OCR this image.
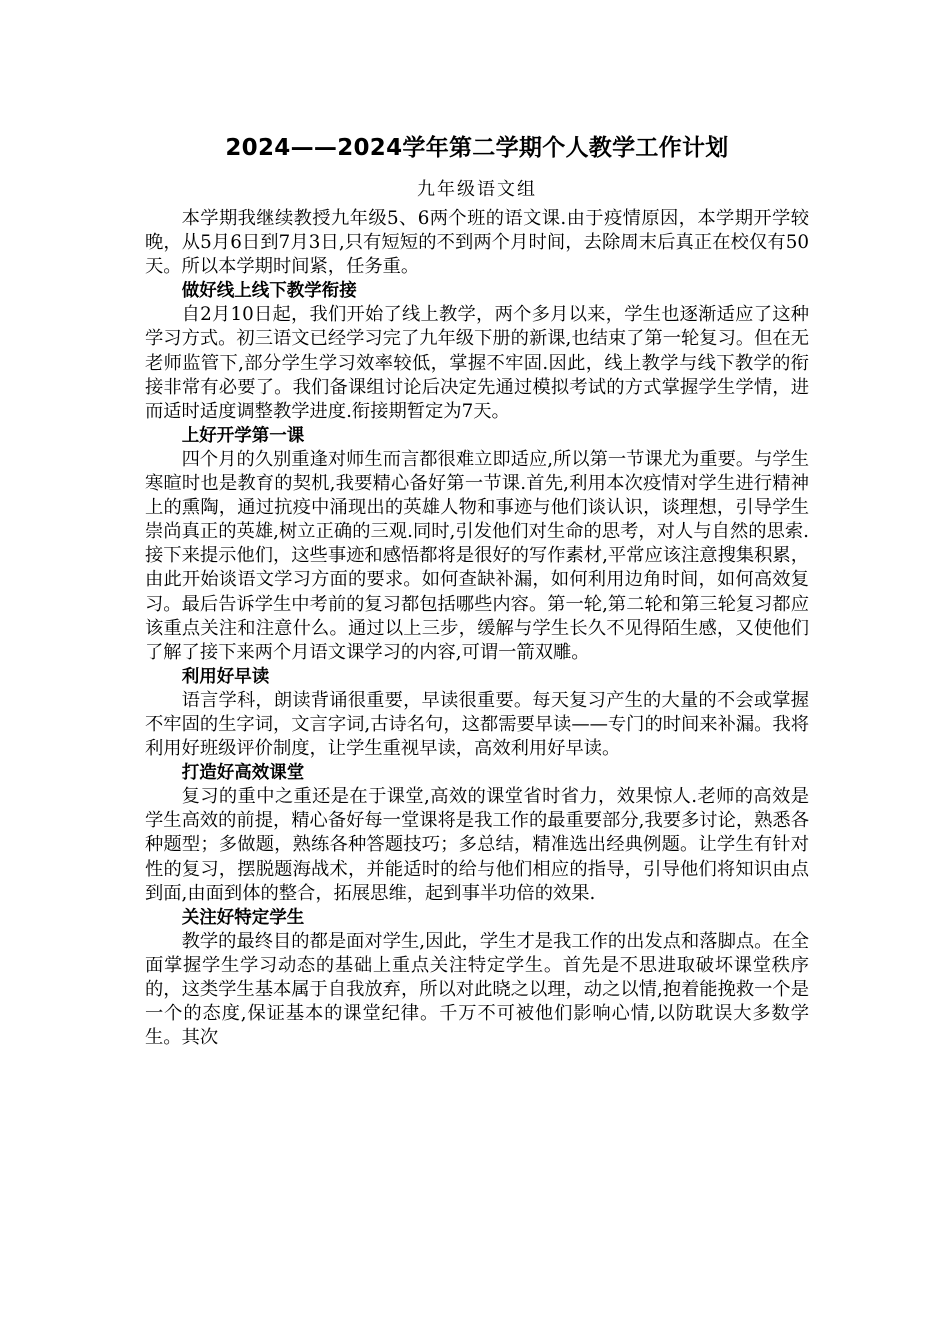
2024——2024学年第二学期个人教学工作计划

九年级语文组

本学期我继续教授九年级5、6两个班的语文课.由于疫情原因，本学期开学较晚，从5月6日到7月3日,只有短短的不到两个月时间，去除周末后真正在校仅有50天。所以本学期时间紧，任务重。

做好线上线下教学衔接

自2月10日起，我们开始了线上教学，两个多月以来，学生也逐渐适应了这种学习方式。初三语文已经学习完了九年级下册的新课,也结束了第一轮复习。但在无老师监管下,部分学生学习效率较低，掌握不牢固.因此，线上教学与线下教学的衔接非常有必要了。我们备课组讨论后决定先通过模拟考试的方式掌握学生学情，进而适时适度调整教学进度.衔接期暂定为7天。

上好开学第一课

四个月的久别重逢对师生而言都很难立即适应,所以第一节课尤为重要。与学生寒暄时也是教育的契机,我要精心备好第一节课.首先,利用本次疫情对学生进行精神上的熏陶，通过抗疫中涌现出的英雄人物和事迹与他们谈认识，谈理想，引导学生崇尚真正的英雄,树立正确的三观.同时,引发他们对生命的思考，对人与自然的思索.接下来提示他们，这些事迹和感悟都将是很好的写作素材,平常应该注意搜集积累，由此开始谈语文学习方面的要求。如何查缺补漏，如何利用边角时间，如何高效复习。最后告诉学生中考前的复习都包括哪些内容。第一轮,第二轮和第三轮复习都应该重点关注和注意什么。通过以上三步，缓解与学生长久不见得陌生感，又使他们了解了接下来两个月语文课学习的内容,可谓一箭双雕。

利用好早读

语言学科，朗读背诵很重要，早读很重要。每天复习产生的大量的不会或掌握不牢固的生字词，文言字词,古诗名句，这都需要早读——专门的时间来补漏。我将利用好班级评价制度，让学生重视早读，高效利用好早读。

打造好高效课堂

复习的重中之重还是在于课堂,高效的课堂省时省力，效果惊人.老师的高效是学生高效的前提，精心备好每一堂课将是我工作的最重要部分,我要多讨论，熟悉各种题型；多做题，熟练各种答题技巧；多总结，精准选出经典例题。让学生有针对性的复习，摆脱题海战术，并能适时的给与他们相应的指导，引导他们将知识由点到面,由面到体的整合，拓展思维，起到事半功倍的效果.

关注好特定学生

教学的最终目的都是面对学生,因此，学生才是我工作的出发点和落脚点。在全面掌握学生学习动态的基础上重点关注特定学生。首先是不思进取破坏课堂秩序的，这类学生基本属于自我放弃，所以对此晓之以理，动之以情,抱着能挽救一个是一个的态度,保证基本的课堂纪律。千万不可被他们影响心情,以防耽误大多数学生。其次
